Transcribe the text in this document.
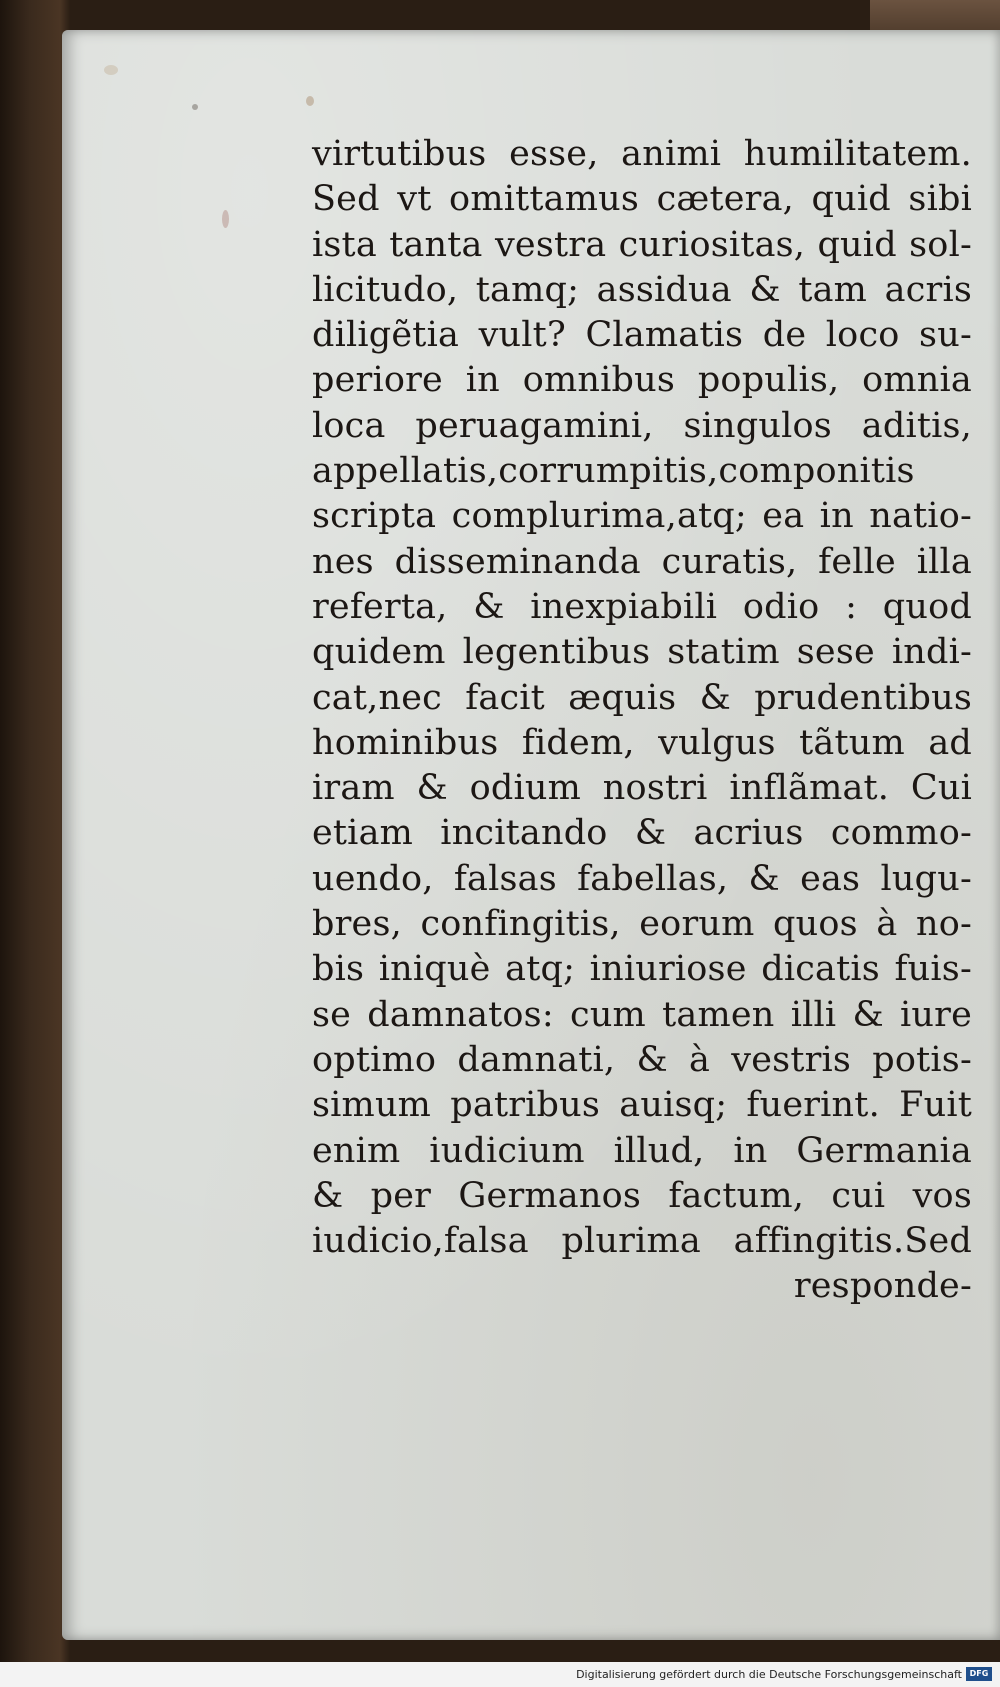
virtutibus esse, animi humilitatem.
Sed vt omittamus cætera, quid sibi
ista tanta vestra curiositas, quid sol-
licitudo, tamq; assidua & tam acris
diligẽtia vult? Clamatis de loco su-
periore in omnibus populis, omnia
loca peruagamini, singulos aditis,
appellatis,corrumpitis,componitis
scripta complurima,atq; ea in natio-
nes disseminanda curatis, felle illa
referta, & inexpiabili odio : quod
quidem legentibus statim sese indi-
cat,nec facit æquis & prudentibus
hominibus fidem, vulgus tãtum ad
iram & odium nostri inflãmat. Cui
etiam incitando & acrius commo-
uendo, falsas fabellas, & eas lugu-
bres, confingitis, eorum quos à no-
bis iniquè atq; iniuriose dicatis fuis-
se damnatos: cum tamen illi & iure
optimo damnati, & à vestris potis-
simum patribus auisq; fuerint. Fuit
enim iudicium illud, in Germania
& per Germanos factum, cui vos
iudicio,falsa plurima affingitis.Sed
responde-
Digitalisierung gefördert durch die Deutsche Forschungsgemeinschaft DFG
